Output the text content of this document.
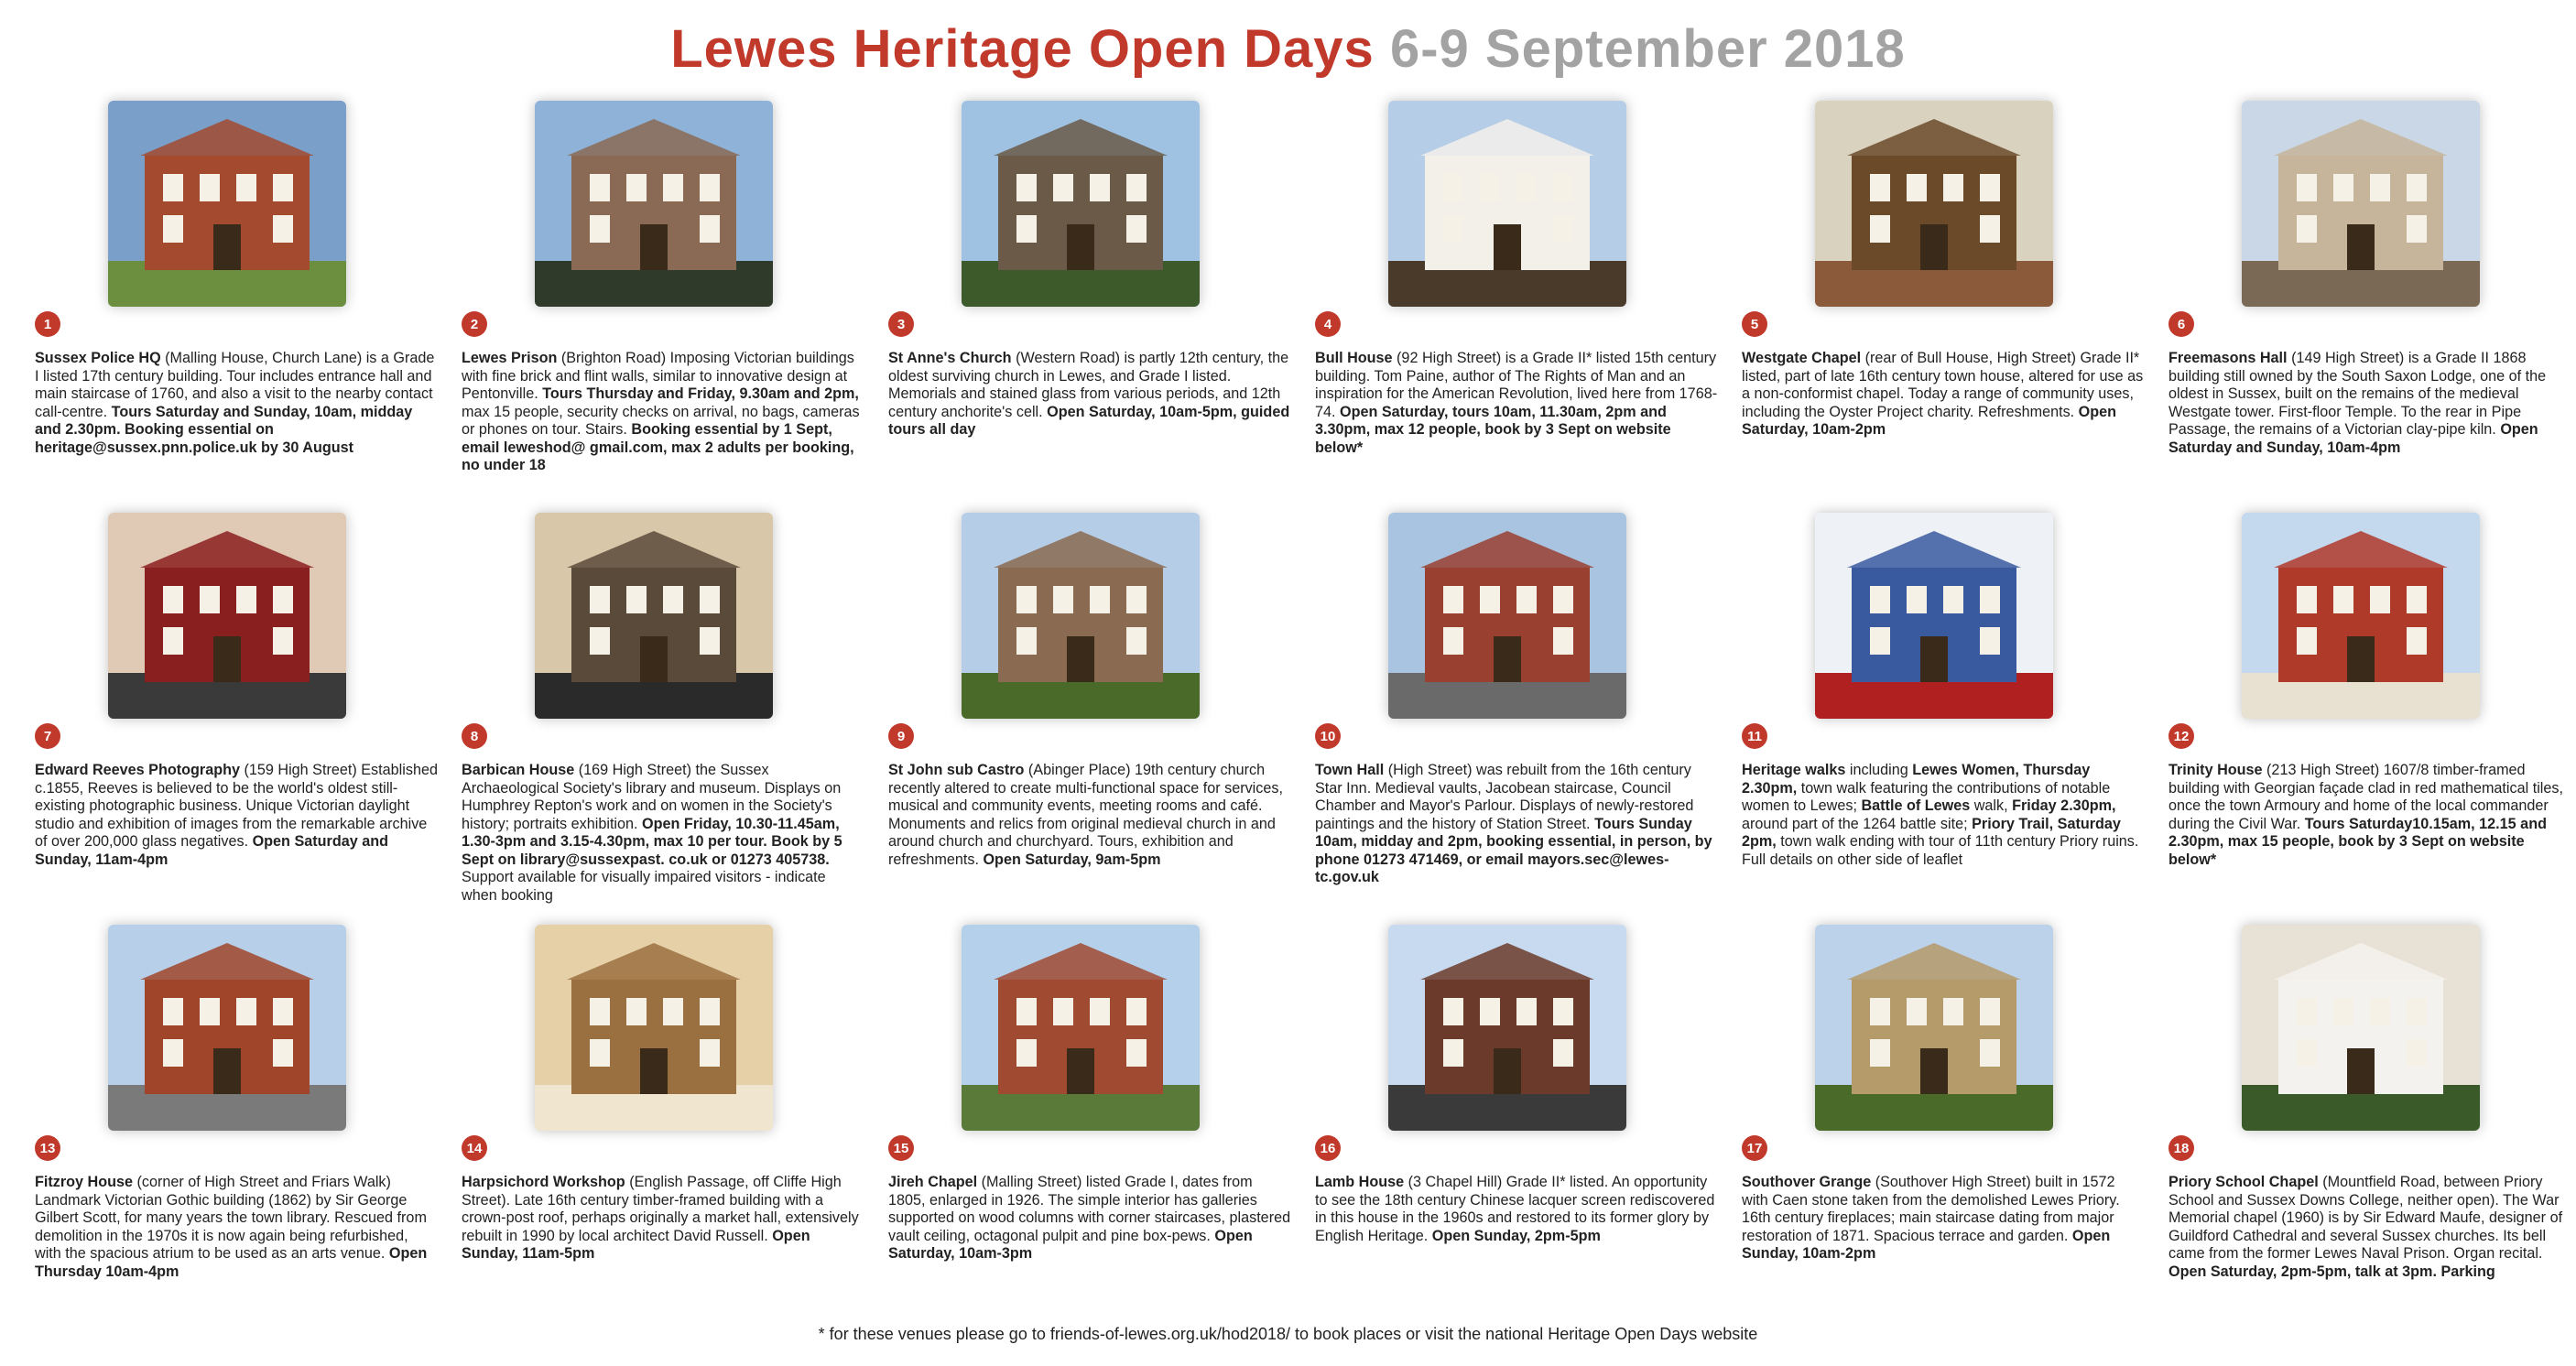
Lewes Heritage Open Days 6-9 September 2018
1
Sussex Police HQ (Malling House, Church Lane) is a Grade I listed 17th century building. Tour includes entrance hall and main staircase of 1760, and also a visit to the nearby contact call-centre. Tours Saturday and Sunday, 10am, midday and 2.30pm. Booking essential on heritage@sussex.pnn.police.uk by 30 August
2
Lewes Prison (Brighton Road) Imposing Victorian buildings with fine brick and flint walls, similar to innovative design at Pentonville. Tours Thursday and Friday, 9.30am and 2pm, max 15 people, security checks on arrival, no bags, cameras or phones on tour. Stairs. Booking essential by 1 Sept, email leweshod@ gmail.com, max 2 adults per booking, no under 18
3
St Anne's Church (Western Road) is partly 12th century, the oldest surviving church in Lewes, and Grade I listed. Memorials and stained glass from various periods, and 12th century anchorite's cell. Open Saturday, 10am-5pm, guided tours all day
4
Bull House (92 High Street) is a Grade II* listed 15th century building. Tom Paine, author of The Rights of Man and an inspiration for the American Revolution, lived here from 1768-74. Open Saturday, tours 10am, 11.30am, 2pm and 3.30pm, max 12 people, book by 3 Sept on website below*
5
Westgate Chapel (rear of Bull House, High Street) Grade II* listed, part of late 16th century town house, altered for use as a non-conformist chapel. Today a range of community uses, including the Oyster Project charity. Refreshments. Open Saturday, 10am-2pm
6
Freemasons Hall (149 High Street) is a Grade II 1868 building still owned by the South Saxon Lodge, one of the oldest in Sussex, built on the remains of the medieval Westgate tower. First-floor Temple. To the rear in Pipe Passage, the remains of a Victorian clay-pipe kiln. Open Saturday and Sunday, 10am-4pm
7
Edward Reeves Photography (159 High Street) Established c.1855, Reeves is believed to be the world's oldest still-existing photographic business. Unique Victorian daylight studio and exhibition of images from the remarkable archive of over 200,000 glass negatives. Open Saturday and Sunday, 11am-4pm
8
Barbican House (169 High Street) the Sussex Archaeological Society's library and museum. Displays on Humphrey Repton's work and on women in the Society's history; portraits exhibition. Open Friday, 10.30-11.45am, 1.30-3pm and 3.15-4.30pm, max 10 per tour. Book by 5 Sept on library@sussexpast. co.uk or 01273 405738. Support available for visually impaired visitors - indicate when booking
9
St John sub Castro (Abinger Place) 19th century church recently altered to create multi-functional space for services, musical and community events, meeting rooms and café. Monuments and relics from original medieval church in and around church and churchyard. Tours, exhibition and refreshments. Open Saturday, 9am-5pm
10
Town Hall (High Street) was rebuilt from the 16th century Star Inn. Medieval vaults, Jacobean staircase, Council Chamber and Mayor's Parlour. Displays of newly-restored paintings and the history of Station Street. Tours Sunday 10am, midday and 2pm, booking essential, in person, by phone 01273 471469, or email mayors.sec@lewes-tc.gov.uk
11
Heritage walks including Lewes Women, Thursday 2.30pm, town walk featuring the contributions of notable women to Lewes; Battle of Lewes walk, Friday 2.30pm, around part of the 1264 battle site; Priory Trail, Saturday 2pm, town walk ending with tour of 11th century Priory ruins. Full details on other side of leaflet
12
Trinity House (213 High Street) 1607/8 timber-framed building with Georgian façade clad in red mathematical tiles, once the town Armoury and home of the local commander during the Civil War. Tours Saturday10.15am, 12.15 and 2.30pm, max 15 people, book by 3 Sept on website below*
13
Fitzroy House (corner of High Street and Friars Walk) Landmark Victorian Gothic building (1862) by Sir George Gilbert Scott, for many years the town library. Rescued from demolition in the 1970s it is now again being refurbished, with the spacious atrium to be used as an arts venue. Open Thursday 10am-4pm
14
Harpsichord Workshop (English Passage, off Cliffe High Street). Late 16th century timber-framed building with a crown-post roof, perhaps originally a market hall, extensively rebuilt in 1990 by local architect David Russell. Open Sunday, 11am-5pm
15
Jireh Chapel (Malling Street) listed Grade I, dates from 1805, enlarged in 1926. The simple interior has galleries supported on wood columns with corner staircases, plastered vault ceiling, octagonal pulpit and pine box-pews. Open Saturday, 10am-3pm
16
Lamb House (3 Chapel Hill) Grade II* listed. An opportunity to see the 18th century Chinese lacquer screen rediscovered in this house in the 1960s and restored to its former glory by English Heritage. Open Sunday, 2pm-5pm
17
Southover Grange (Southover High Street) built in 1572 with Caen stone taken from the demolished Lewes Priory. 16th century fireplaces; main staircase dating from major restoration of 1871. Spacious terrace and garden. Open Sunday, 10am-2pm
18
Priory School Chapel (Mountfield Road, between Priory School and Sussex Downs College, neither open). The War Memorial chapel (1960) is by Sir Edward Maufe, designer of Guildford Cathedral and several Sussex churches. Its bell came from the former Lewes Naval Prison. Organ recital. Open Saturday, 2pm-5pm, talk at 3pm. Parking
* for these venues please go to friends-of-lewes.org.uk/hod2018/ to book places or visit the national Heritage Open Days website
